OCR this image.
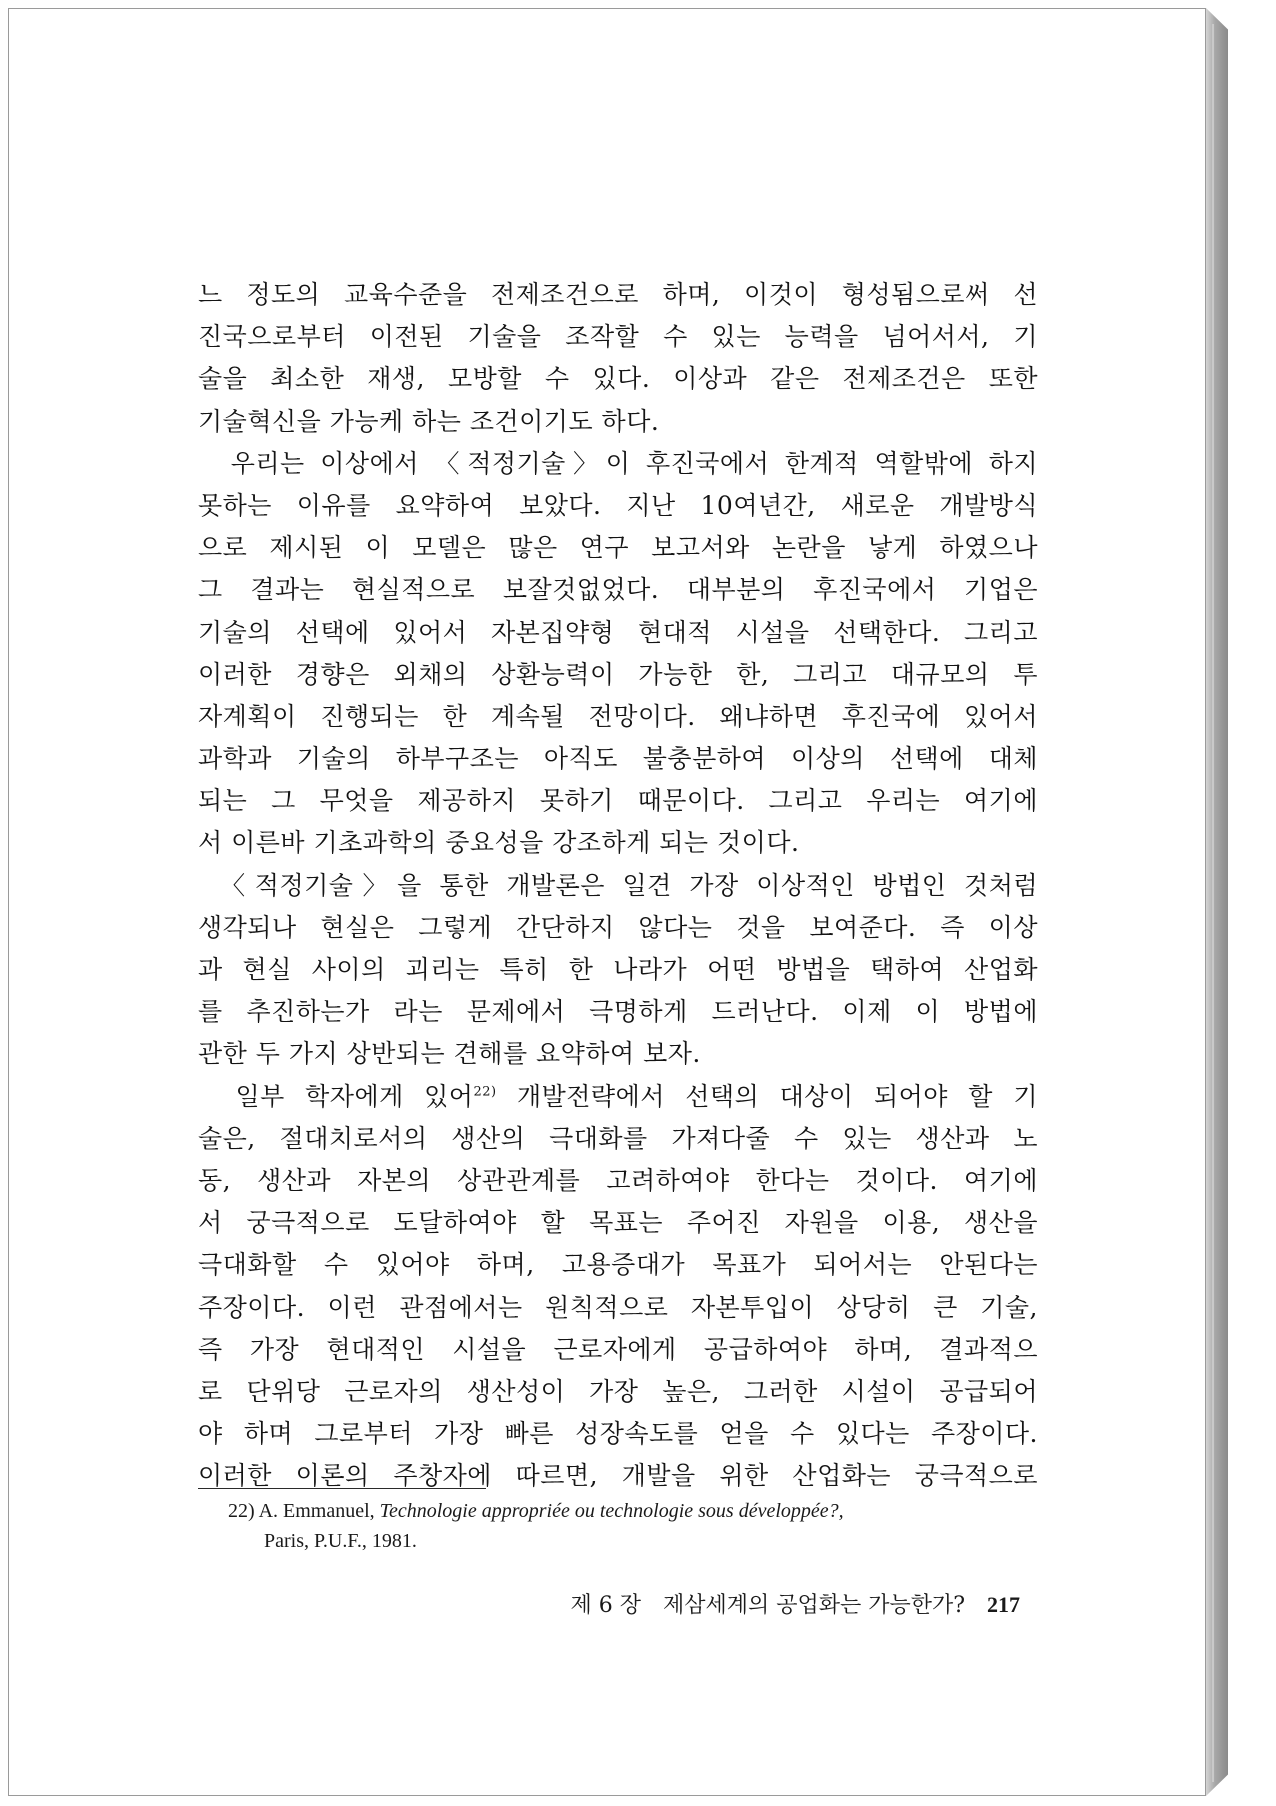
느 정도의 교육수준을 전제조건으로 하며, 이것이 형성됨으로써 선
진국으로부터 이전된 기술을 조작할 수 있는 능력을 넘어서서, 기
술을 최소한 재생, 모방할 수 있다. 이상과 같은 전제조건은 또한
기술혁신을 가능케 하는 조건이기도 하다.
　우리는 이상에서 〈적정기술〉이 후진국에서 한계적 역할밖에 하지
못하는 이유를 요약하여 보았다. 지난 10여년간, 새로운 개발방식
으로 제시된 이 모델은 많은 연구 보고서와 논란을 낳게 하였으나
그 결과는 현실적으로 보잘것없었다. 대부분의 후진국에서 기업은
기술의 선택에 있어서 자본집약형 현대적 시설을 선택한다. 그리고
이러한 경향은 외채의 상환능력이 가능한 한, 그리고 대규모의 투
자계획이 진행되는 한 계속될 전망이다. 왜냐하면 후진국에 있어서
과학과 기술의 하부구조는 아직도 불충분하여 이상의 선택에 대체
되는 그 무엇을 제공하지 못하기 때문이다. 그리고 우리는 여기에
서 이른바 기초과학의 중요성을 강조하게 되는 것이다.
　〈적정기술〉을 통한 개발론은 일견 가장 이상적인 방법인 것처럼
생각되나 현실은 그렇게 간단하지 않다는 것을 보여준다. 즉 이상
과 현실 사이의 괴리는 특히 한 나라가 어떤 방법을 택하여 산업화
를 추진하는가 라는 문제에서 극명하게 드러난다. 이제 이 방법에
관한 두 가지 상반되는 견해를 요약하여 보자.
　일부 학자에게 있어$^{22)}$ 개발전략에서 선택의 대상이 되어야 할 기
술은, 절대치로서의 생산의 극대화를 가져다줄 수 있는 생산과 노
동, 생산과 자본의 상관관계를 고려하여야 한다는 것이다. 여기에
서 궁극적으로 도달하여야 할 목표는 주어진 자원을 이용, 생산을
극대화할 수 있어야 하며, 고용증대가 목표가 되어서는 안된다는
주장이다. 이런 관점에서는 원칙적으로 자본투입이 상당히 큰 기술,
즉 가장 현대적인 시설을 근로자에게 공급하여야 하며, 결과적으
로 단위당 근로자의 생산성이 가장 높은, 그러한 시설이 공급되어
야 하며 그로부터 가장 빠른 성장속도를 얻을 수 있다는 주장이다.
이러한 이론의 주창자에 따르면, 개발을 위한 산업화는 궁극적으로
22) A. Emmanuel, Technologie appropriée ou technologie sous développée?,
Paris, P.U.F., 1981.
제 6 장　제삼세계의 공업화는 가능한가? 217
